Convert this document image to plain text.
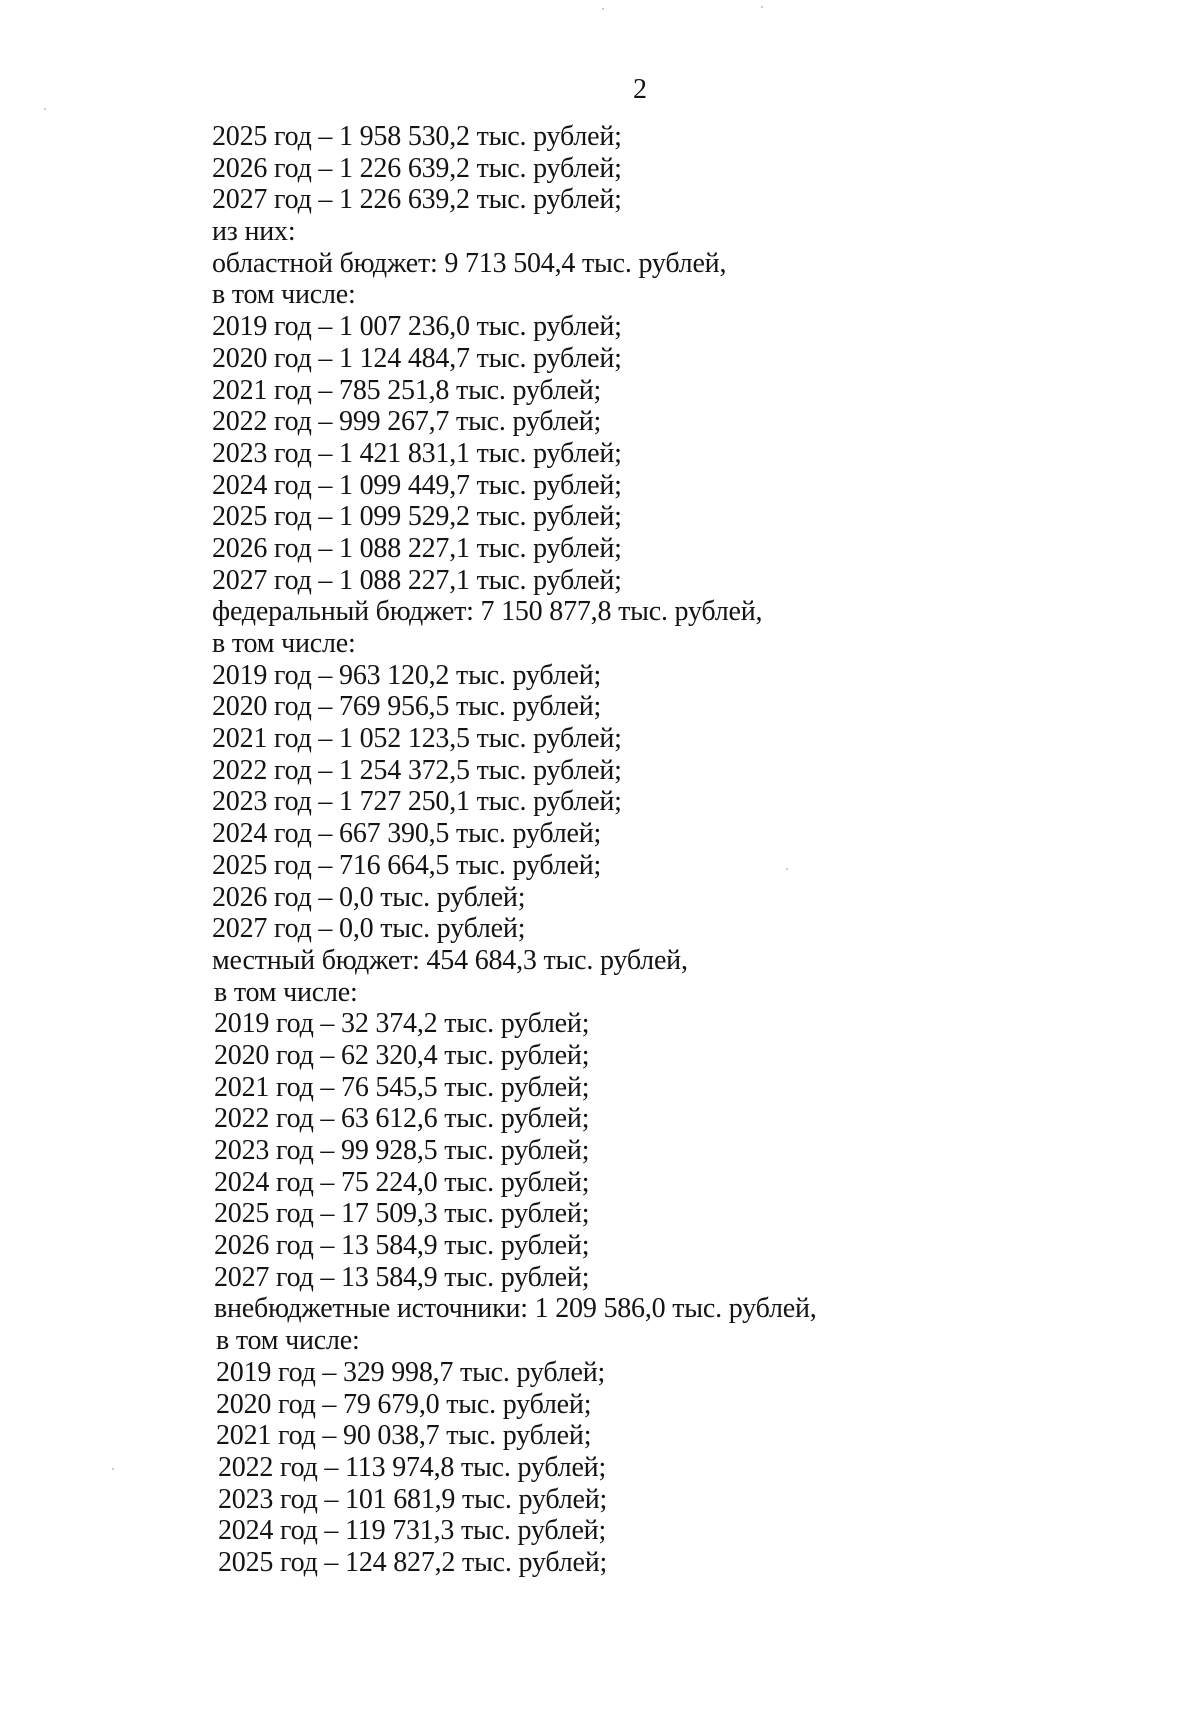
2
2025 год – 1 958 530,2 тыс. рублей;
2026 год – 1 226 639,2 тыс. рублей;
2027 год – 1 226 639,2 тыс. рублей;
из них:
областной бюджет: 9 713 504,4 тыс. рублей,
в том числе:
2019 год – 1 007 236,0 тыс. рублей;
2020 год – 1 124 484,7 тыс. рублей;
2021 год – 785 251,8 тыс. рублей;
2022 год – 999 267,7 тыс. рублей;
2023 год – 1 421 831,1 тыс. рублей;
2024 год – 1 099 449,7 тыс. рублей;
2025 год – 1 099 529,2 тыс. рублей;
2026 год – 1 088 227,1 тыс. рублей;
2027 год – 1 088 227,1 тыс. рублей;
федеральный бюджет: 7 150 877,8 тыс. рублей,
в том числе:
2019 год – 963 120,2 тыс. рублей;
2020 год – 769 956,5 тыс. рублей;
2021 год – 1 052 123,5 тыс. рублей;
2022 год – 1 254 372,5 тыс. рублей;
2023 год – 1 727 250,1 тыс. рублей;
2024 год – 667 390,5 тыс. рублей;
2025 год – 716 664,5 тыс. рублей;
2026 год – 0,0 тыс. рублей;
2027 год – 0,0 тыс. рублей;
местный бюджет: 454 684,3 тыс. рублей,
в том числе:
2019 год – 32 374,2 тыс. рублей;
2020 год – 62 320,4 тыс. рублей;
2021 год – 76 545,5 тыс. рублей;
2022 год – 63 612,6 тыс. рублей;
2023 год – 99 928,5 тыс. рублей;
2024 год – 75 224,0 тыс. рублей;
2025 год – 17 509,3 тыс. рублей;
2026 год – 13 584,9 тыс. рублей;
2027 год – 13 584,9 тыс. рублей;
внебюджетные источники: 1 209 586,0 тыс. рублей,
в том числе:
2019 год – 329 998,7 тыс. рублей;
2020 год – 79 679,0 тыс. рублей;
2021 год – 90 038,7 тыс. рублей;
2022 год – 113 974,8 тыс. рублей;
2023 год – 101 681,9 тыс. рублей;
2024 год – 119 731,3 тыс. рублей;
2025 год – 124 827,2 тыс. рублей;
